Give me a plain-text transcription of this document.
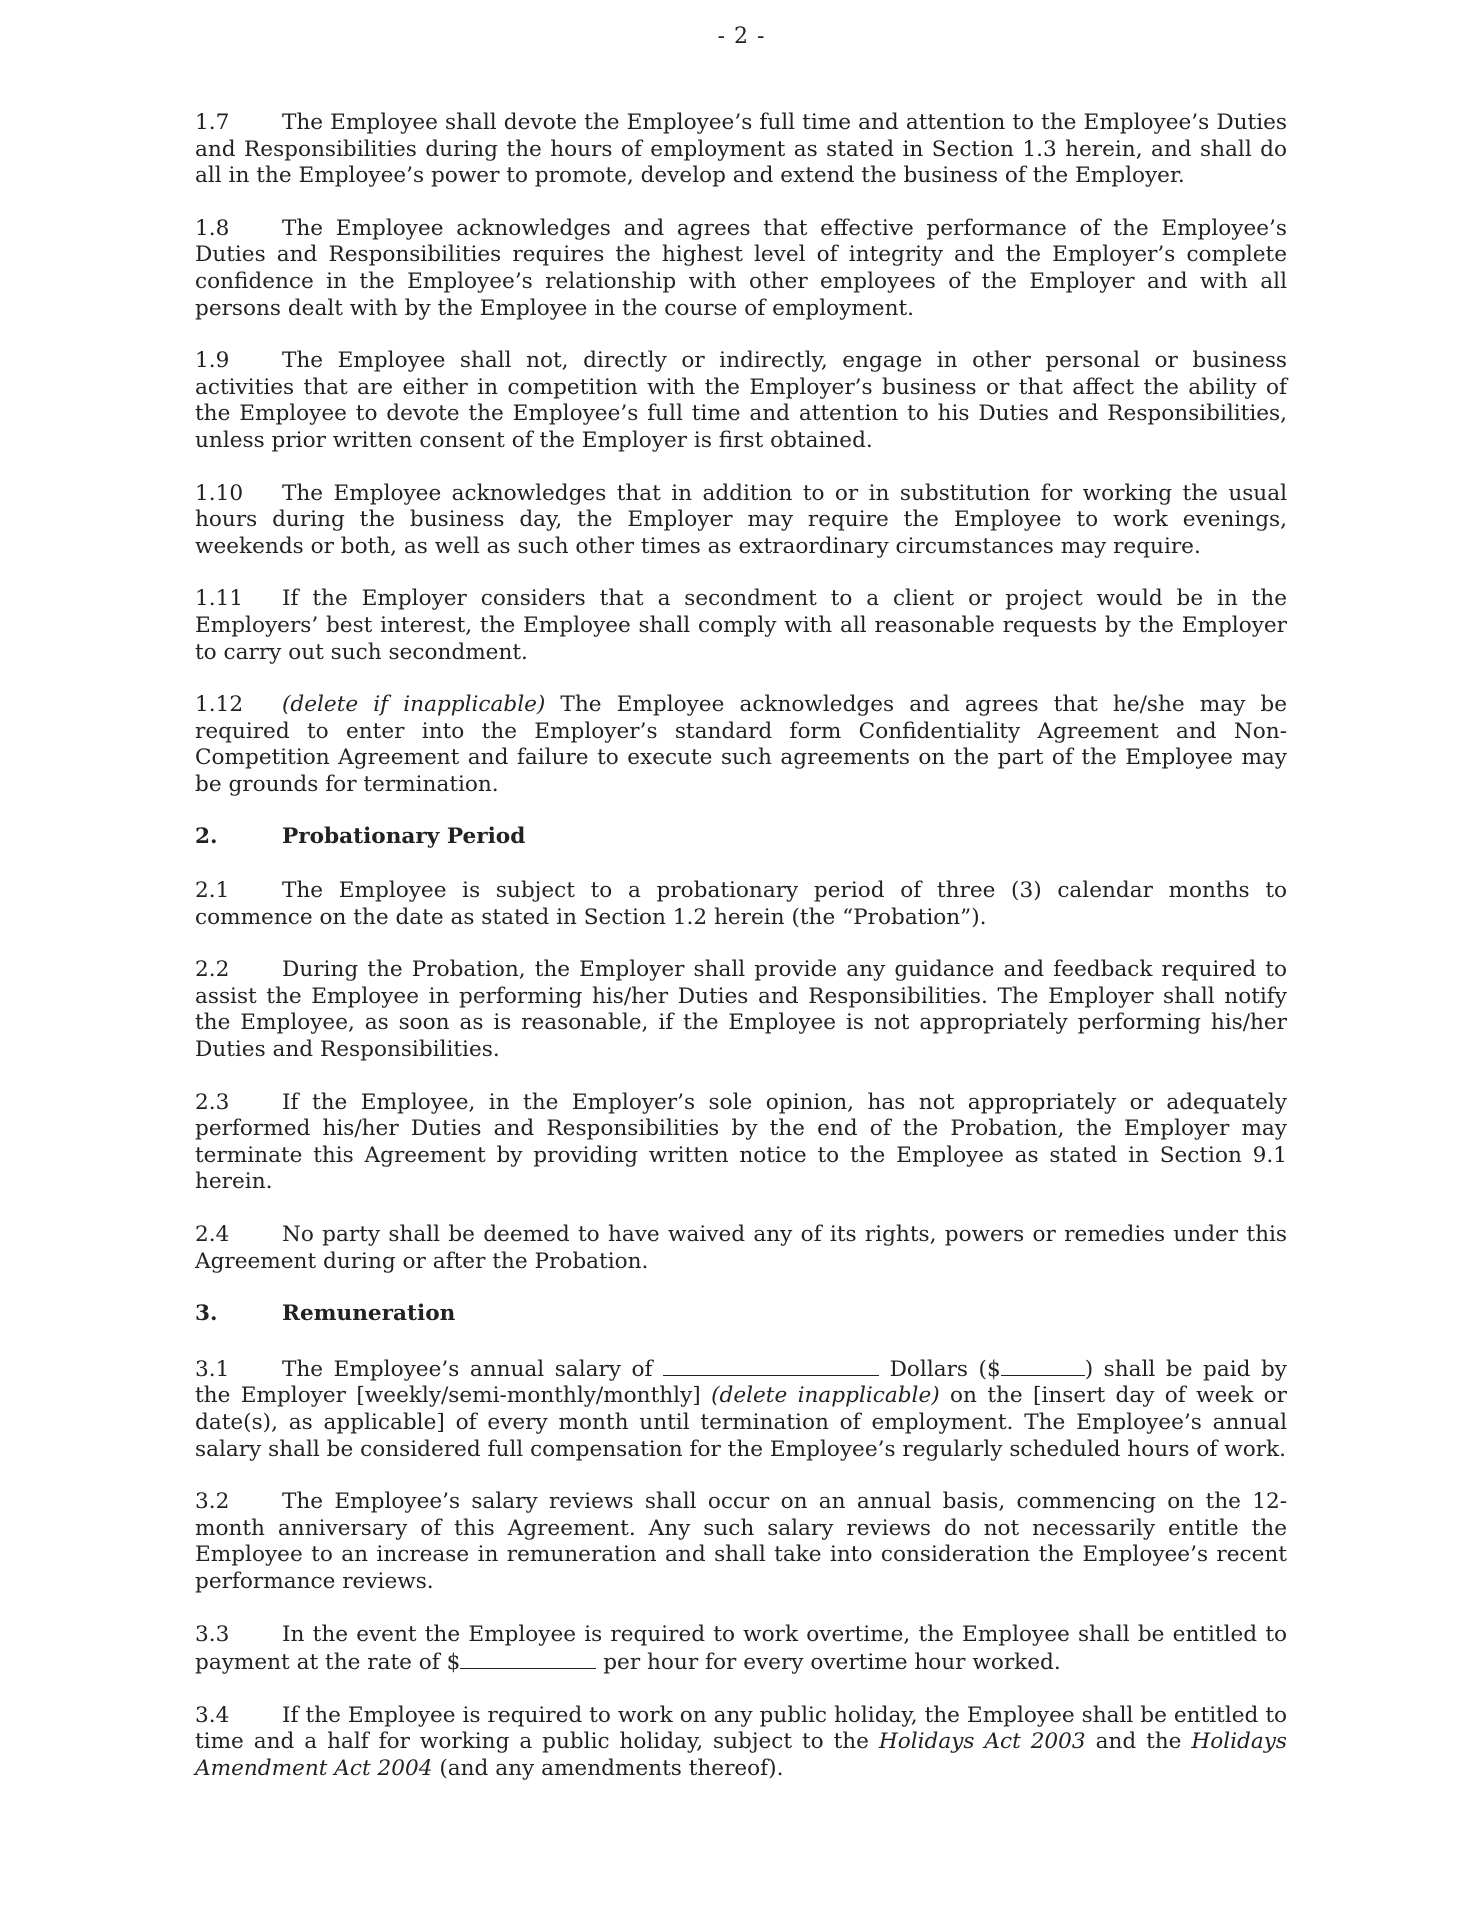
- 2 -

1.7 The Employee shall devote the Employee’s full time and attention to the Employee’s Duties and Responsibilities during the hours of employment as stated in Section 1.3 herein, and shall do all in the Employee’s power to promote, develop and extend the business of the Employer.

1.8 The Employee acknowledges and agrees that effective performance of the Employee’s Duties and Responsibilities requires the highest level of integrity and the Employer’s complete confidence in the Employee’s relationship with other employees of the Employer and with all persons dealt with by the Employee in the course of employment.

1.9 The Employee shall not, directly or indirectly, engage in other personal or business activities that are either in competition with the Employer’s business or that affect the ability of the Employee to devote the Employee’s full time and attention to his Duties and Responsibilities, unless prior written consent of the Employer is first obtained.

1.10 The Employee acknowledges that in addition to or in substitution for working the usual hours during the business day, the Employer may require the Employee to work evenings, weekends or both, as well as such other times as extraordinary circumstances may require.

1.11 If the Employer considers that a secondment to a client or project would be in the Employers’ best interest, the Employee shall comply with all reasonable requests by the Employer to carry out such secondment.

1.12 (delete if inapplicable) The Employee acknowledges and agrees that he/she may be required to enter into the Employer’s standard form Confidentiality Agreement and Non-Competition Agreement and failure to execute such agreements on the part of the Employee may be grounds for termination.

2.	Probationary Period

2.1 The Employee is subject to a probationary period of three (3) calendar months to commence on the date as stated in Section 1.2 herein (the “Probation”).

2.2 During the Probation, the Employer shall provide any guidance and feedback required to assist the Employee in performing his/her Duties and Responsibilities. The Employer shall notify the Employee, as soon as is reasonable, if the Employee is not appropriately performing his/her Duties and Responsibilities.

2.3 If the Employee, in the Employer’s sole opinion, has not appropriately or adequately performed his/her Duties and Responsibilities by the end of the Probation, the Employer may terminate this Agreement by providing written notice to the Employee as stated in Section 9.1 herein.

2.4 No party shall be deemed to have waived any of its rights, powers or remedies under this Agreement during or after the Probation.

3.	Remuneration

3.1 The Employee’s annual salary of	Dollars ($	) shall be paid by the Employer [weekly/semi-monthly/monthly] (delete inapplicable) on the [insert day of week or date(s), as applicable] of every month until termination of employment. The Employee’s annual salary shall be considered full compensation for the Employee’s regularly scheduled hours of work.

3.2 The Employee’s salary reviews shall occur on an annual basis, commencing on the 12-month anniversary of this Agreement. Any such salary reviews do not necessarily entitle the Employee to an increase in remuneration and shall take into consideration the Employee’s recent performance reviews.

3.3 In the event the Employee is required to work overtime, the Employee shall be entitled to payment at the rate of $	per hour for every overtime hour worked.

3.4 If the Employee is required to work on any public holiday, the Employee shall be entitled to time and a half for working a public holiday, subject to the Holidays Act 2003 and the Holidays Amendment Act 2004 (and any amendments thereof).
